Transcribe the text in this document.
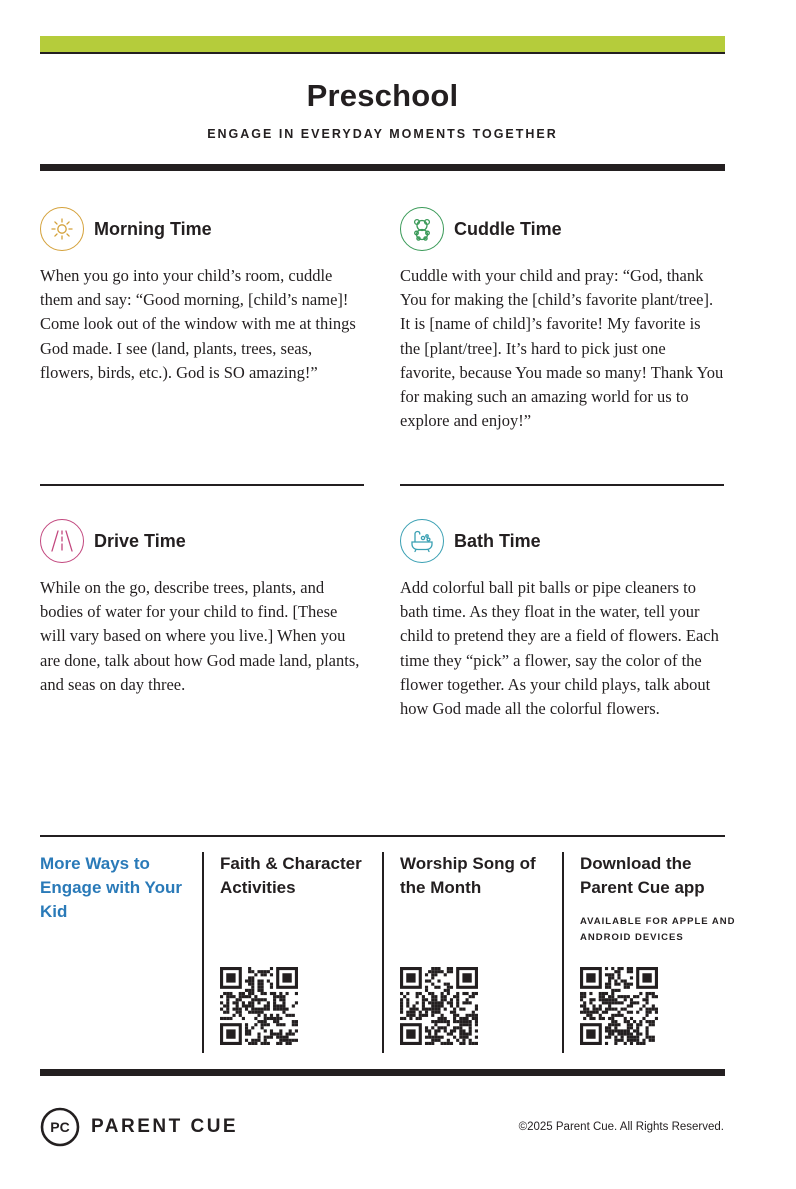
Preschool
ENGAGE IN EVERYDAY MOMENTS TOGETHER
Morning Time
When you go into your child’s room, cuddle them and say: “Good morning, [child’s name]! Come look out of the window with me at things God made. I see (land, plants, trees, seas, flowers, birds, etc.). God is SO amazing!”
Cuddle Time
Cuddle with your child and pray: “God, thank You for making the [child’s favorite plant/tree]. It is [name of child]’s favorite! My favorite is the [plant/tree]. It’s hard to pick just one favorite, because You made so many! Thank You for making such an amazing world for us to explore and enjoy!”
Drive Time
While on the go, describe trees, plants, and bodies of water for your child to find. [These will vary based on where you live.] When you are done, talk about how God made land, plants, and seas on day three.
Bath Time
Add colorful ball pit balls or pipe cleaners to bath time. As they float in the water, tell your child to pretend they are a field of flowers. Each time they “pick” a flower, say the color of the flower together. As your child plays, talk about how God made all the colorful flowers.
More Ways to Engage with Your Kid
Faith & Character Activities
Worship Song of the Month
Download the Parent Cue app
AVAILABLE FOR APPLE AND ANDROID DEVICES
PC PARENT CUE	©2025 Parent Cue. All Rights Reserved.
